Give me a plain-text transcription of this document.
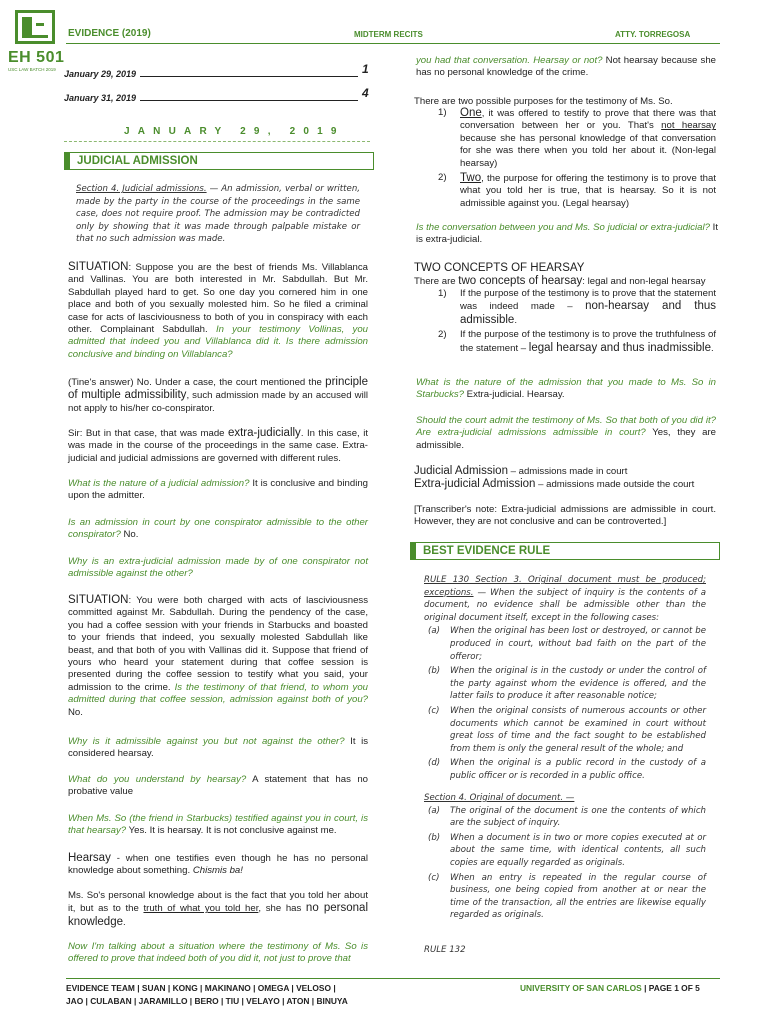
EH 501
USC LAW BATCH 2019
EVIDENCE (2019)	MIDTERM RECITS	ATTY. TORREGOSA
January 29, 2019	1
January 31, 2019	4
JANUARY 29, 2019
JUDICIAL ADMISSION
Section 4. Judicial admissions. — An admission, verbal or written, made by the party in the course of the proceedings in the same case, does not require proof. The admission may be contradicted only by showing that it was made through palpable mistake or that no such admission was made.
SITUATION: Suppose you are the best of friends Ms. Villablanca and Vallinas. You are both interested in Mr. Sabdullah. But Mr. Sabdullah played hard to get. So one day you cornered him in one place and both of you sexually molested him. So he filed a criminal case for acts of lasciviousness to both of you in conspiracy with each other. Complainant Sabdullah. In your testimony Vollinas, you admitted that indeed you and Villablanca did it. Is there admission conclusive and binding on Villablanca?
(Tine's answer) No. Under a case, the court mentioned the principle of multiple admissibility, such admission made by an accused will not apply to his/her co-conspirator.
Sir: But in that case, that was made extra-judicially. In this case, it was made in the course of the proceedings in the same case. Extra-judicial and judicial admissions are governed with different rules.
What is the nature of a judicial admission? It is conclusive and binding upon the admitter.
Is an admission in court by one conspirator admissible to the other conspirator? No.
Why is an extra-judicial admission made by of one conspirator not admissible against the other?
SITUATION: You were both charged with acts of lasciviousness committed against Mr. Sabdullah. During the pendency of the case, you had a coffee session with your friends in Starbucks and boasted to your friends that indeed, you sexually molested Sabdullah like beast, and that both of you with Vallinas did it. Suppose that friend of yours who heard your statement during that coffee session is presented during the coffee session to testify what you said, your admission to the crime. Is the testimony of that friend, to whom you admitted during that coffee session, admission against both of you? No.
Why is it admissible against you but not against the other? It is considered hearsay.
What do you understand by hearsay? A statement that has no probative value
When Ms. So (the friend in Starbucks) testified against you in court, is that hearsay? Yes. It is hearsay. It is not conclusive against me.
Hearsay - when one testifies even though he has no personal knowledge about something. Chismis ba!
Ms. So's personal knowledge about is the fact that you told her about it, but as to the truth of what you told her, she has no personal knowledge.
Now I'm talking about a situation where the testimony of Ms. So is offered to prove that indeed both of you did it, not just to prove that
you had that conversation. Hearsay or not? Not hearsay because she has no personal knowledge of the crime.
There are two possible purposes for the testimony of Ms. So.
1) One, it was offered to testify to prove that there was that conversation between her or you. That's not hearsay because she has personal knowledge of that conversation for she was there when you told her about it. (Non-legal hearsay)
2) Two, the purpose for offering the testimony is to prove that what you told her is true, that is hearsay. So it is not admissible against you. (Legal hearsay)
Is the conversation between you and Ms. So judicial or extra-judicial? It is extra-judicial.
TWO CONCEPTS OF HEARSAY
There are two concepts of hearsay: legal and non-legal hearsay
1) If the purpose of the testimony is to prove that the statement was indeed made – non-hearsay and thus admissible.
2) If the purpose of the testimony is to prove the truthfulness of the statement – legal hearsay and thus inadmissible.
What is the nature of the admission that you made to Ms. So in Starbucks? Extra-judicial. Hearsay.
Should the court admit the testimony of Ms. So that both of you did it? Are extra-judicial admissions admissible in court? Yes, they are admissible.
Judicial Admission – admissions made in court
Extra-judicial Admission – admissions made outside the court
[Transcriber's note: Extra-judicial admissions are admissible in court. However, they are not conclusive and can be controverted.]
BEST EVIDENCE RULE
RULE 130 Section 3. Original document must be produced; exceptions. — When the subject of inquiry is the contents of a document, no evidence shall be admissible other than the original document itself, except in the following cases:
(a) When the original has been lost or destroyed, or cannot be produced in court, without bad faith on the part of the offeror;
(b) When the original is in the custody or under the control of the party against whom the evidence is offered, and the latter fails to produce it after reasonable notice;
(c) When the original consists of numerous accounts or other documents which cannot be examined in court without great loss of time and the fact sought to be established from them is only the general result of the whole; and
(d) When the original is a public record in the custody of a public officer or is recorded in a public office.
Section 4. Original of document. —
(a) The original of the document is one the contents of which are the subject of inquiry.
(b) When a document is in two or more copies executed at or about the same time, with identical contents, all such copies are equally regarded as originals.
(c) When an entry is repeated in the regular course of business, one being copied from another at or near the time of the transaction, all the entries are likewise equally regarded as originals.
RULE 132
EVIDENCE TEAM | SUAN | KONG | MAKINANO | OMEGA | VELOSO |
JAO | CULABAN | JARAMILLO | BERO | TIU | VELAYO | ATON | BINUYA
UNIVERSITY OF SAN CARLOS | PAGE 1 OF 5
